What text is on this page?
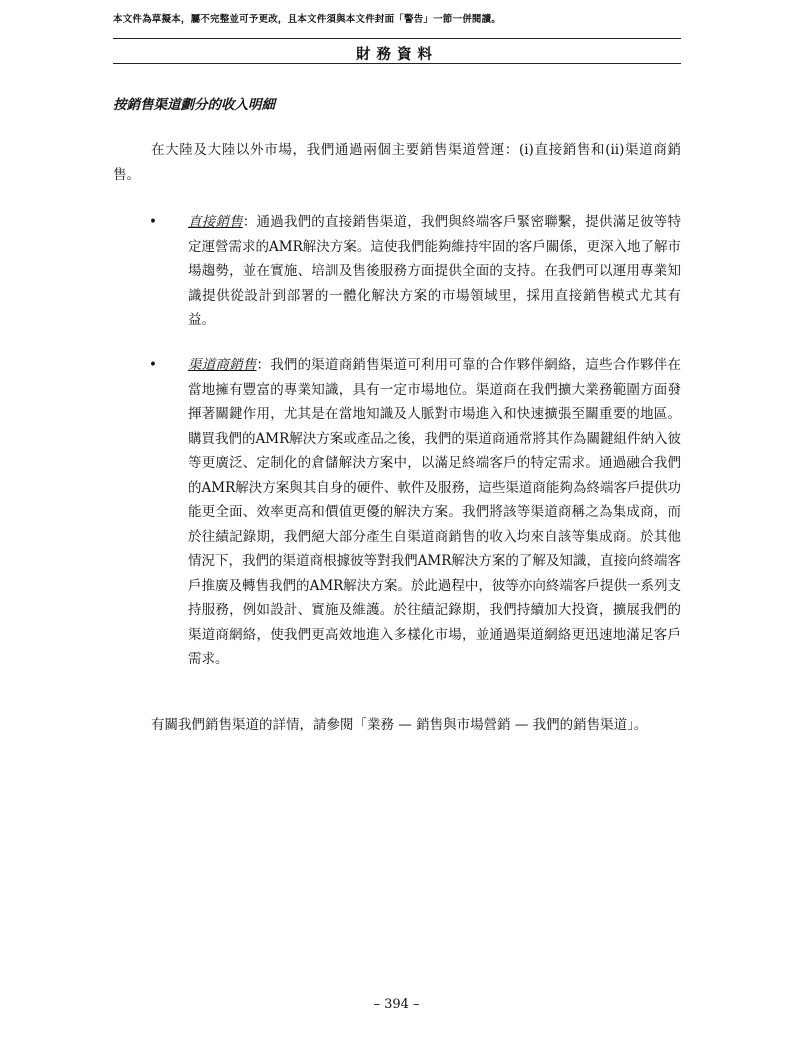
本文件為草擬本，屬不完整並可予更改，且本文件須與本文件封面「警告」一節一併閱讀。
財務資料
按銷售渠道劃分的收入明細
在大陸及大陸以外市場，我們通過兩個主要銷售渠道營運：(i)直接銷售和(ii)渠道商銷售。
• 直接銷售：通過我們的直接銷售渠道，我們與終端客戶緊密聯繫，提供滿足彼等特定運營需求的AMR解決方案。這使我們能夠維持牢固的客戶關係，更深入地了解市場趨勢，並在實施、培訓及售後服務方面提供全面的支持。在我們可以運用專業知識提供從設計到部署的一體化解決方案的市場領域里，採用直接銷售模式尤其有益。
• 渠道商銷售：我們的渠道商銷售渠道可利用可靠的合作夥伴網絡，這些合作夥伴在當地擁有豐富的專業知識，具有一定市場地位。渠道商在我們擴大業務範圍方面發揮著關鍵作用，尤其是在當地知識及人脈對市場進入和快速擴張至關重要的地區。購買我們的AMR解決方案或產品之後，我們的渠道商通常將其作為關鍵組件納入彼等更廣泛、定制化的倉儲解決方案中，以滿足終端客戶的特定需求。通過融合我們的AMR解決方案與其自身的硬件、軟件及服務，這些渠道商能夠為終端客戶提供功能更全面、效率更高和價值更優的解決方案。我們將該等渠道商稱之為集成商，而於往績記錄期，我們絕大部分產生自渠道商銷售的收入均來自該等集成商。於其他情況下，我們的渠道商根據彼等對我們AMR解決方案的了解及知識，直接向終端客戶推廣及轉售我們的AMR解決方案。於此過程中，彼等亦向終端客戶提供一系列支持服務，例如設計、實施及維護。於往績記錄期，我們持續加大投資，擴展我們的渠道商網絡，使我們更高效地進入多樣化市場，並通過渠道網絡更迅速地滿足客戶需求。
有關我們銷售渠道的詳情，請參閱「業務 — 銷售與市場營銷 — 我們的銷售渠道」。
– 394 –
